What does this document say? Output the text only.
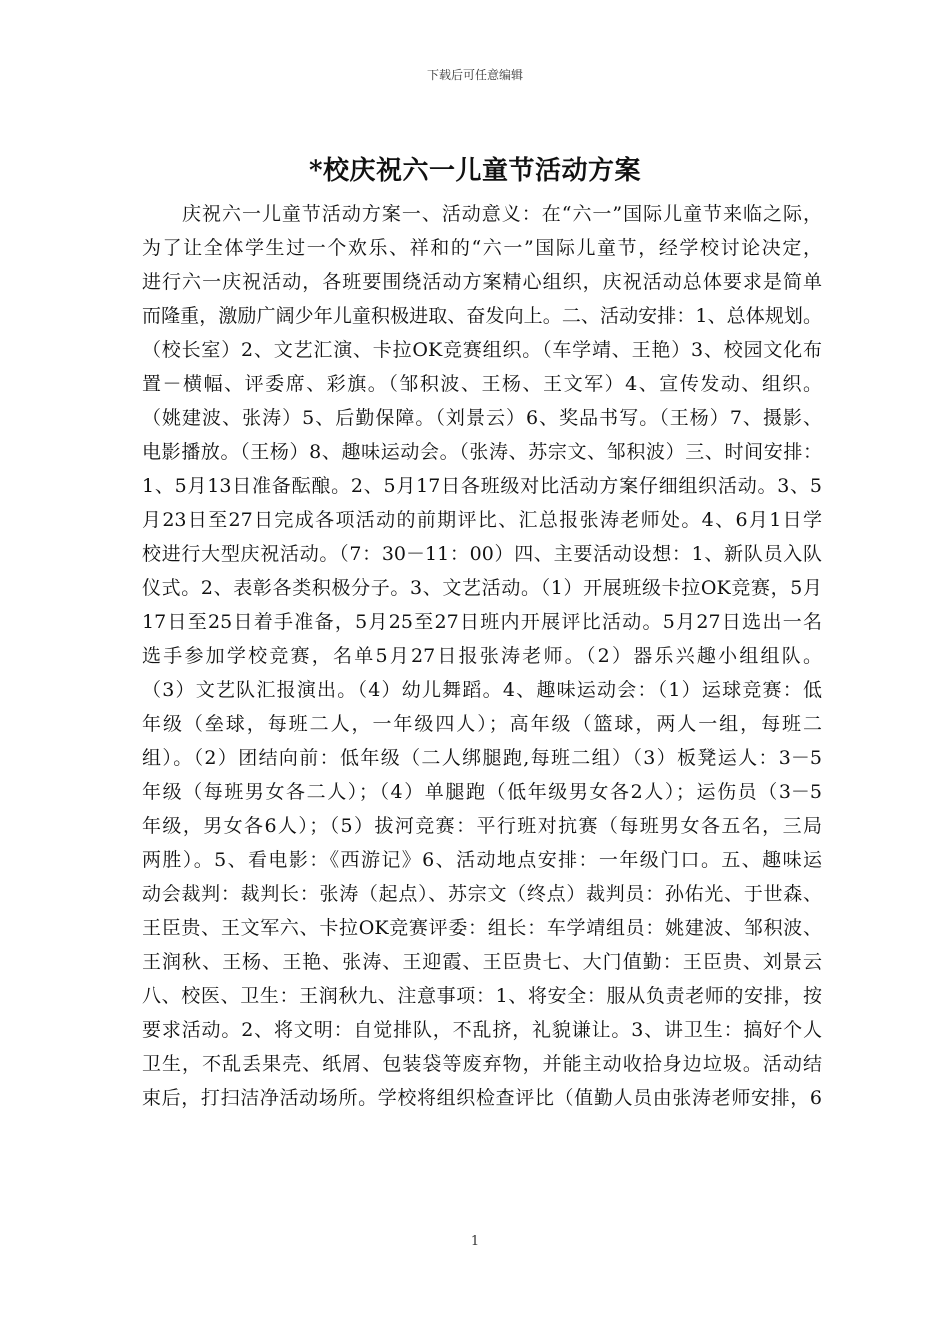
下载后可任意编辑
*校庆祝六一儿童节活动方案
庆祝六一儿童节活动方案一、活动意义：在“六一”国际儿童节来临之际，
为了让全体学生过一个欢乐、祥和的“六一”国际儿童节，经学校讨论决定，
进行六一庆祝活动，各班要围绕活动方案精心组织，庆祝活动总体要求是简单
而隆重，激励广阔少年儿童积极进取、奋发向上。二、活动安排：1、总体规划。
（校长室）2、文艺汇演、卡拉OK竞赛组织。（车学靖、王艳）3、校园文化布
置－横幅、评委席、彩旗。（邹积波、王杨、王文军）4、宣传发动、组织。
（姚建波、张涛）5、后勤保障。（刘景云）6、奖品书写。（王杨）7、摄影、
电影播放。（王杨）8、趣味运动会。（张涛、苏宗文、邹积波）三、时间安排：
1、5月13日准备酝酿。2、5月17日各班级对比活动方案仔细组织活动。3、5
月23日至27日完成各项活动的前期评比、汇总报张涛老师处。4、6月1日学
校进行大型庆祝活动。（7：30－11：00）四、主要活动设想：1、新队员入队
仪式。2、表彰各类积极分子。3、文艺活动。（1）开展班级卡拉OK竞赛，5月
17日至25日着手准备，5月25至27日班内开展评比活动。5月27日选出一名
选手参加学校竞赛，名单5月27日报张涛老师。（2）器乐兴趣小组组队。
（3）文艺队汇报演出。（4）幼儿舞蹈。4、趣味运动会：（1）运球竞赛：低
年级（垒球，每班二人，一年级四人）；高年级（篮球，两人一组，每班二
组）。（2）团结向前：低年级（二人绑腿跑,每班二组）（3）板凳运人：3－5
年级（每班男女各二人）；（4）单腿跑（低年级男女各2人）；运伤员（3－5
年级，男女各6人）；（5）拔河竞赛：平行班对抗赛（每班男女各五名，三局
两胜）。5、看电影：《西游记》6、活动地点安排：一年级门口。五、趣味运
动会裁判：裁判长：张涛（起点）、苏宗文（终点）裁判员：孙佑光、于世森、
王臣贵、王文军六、卡拉OK竞赛评委：组长：车学靖组员：姚建波、邹积波、
王润秋、王杨、王艳、张涛、王迎霞、王臣贵七、大门值勤：王臣贵、刘景云
八、校医、卫生：王润秋九、注意事项：1、将安全：服从负责老师的安排，按
要求活动。2、将文明：自觉排队，不乱挤，礼貌谦让。3、讲卫生：搞好个人
卫生，不乱丢果壳、纸屑、包装袋等废弃物，并能主动收拾身边垃圾。活动结
束后，打扫洁净活动场所。学校将组织检查评比（值勤人员由张涛老师安排，6
1
